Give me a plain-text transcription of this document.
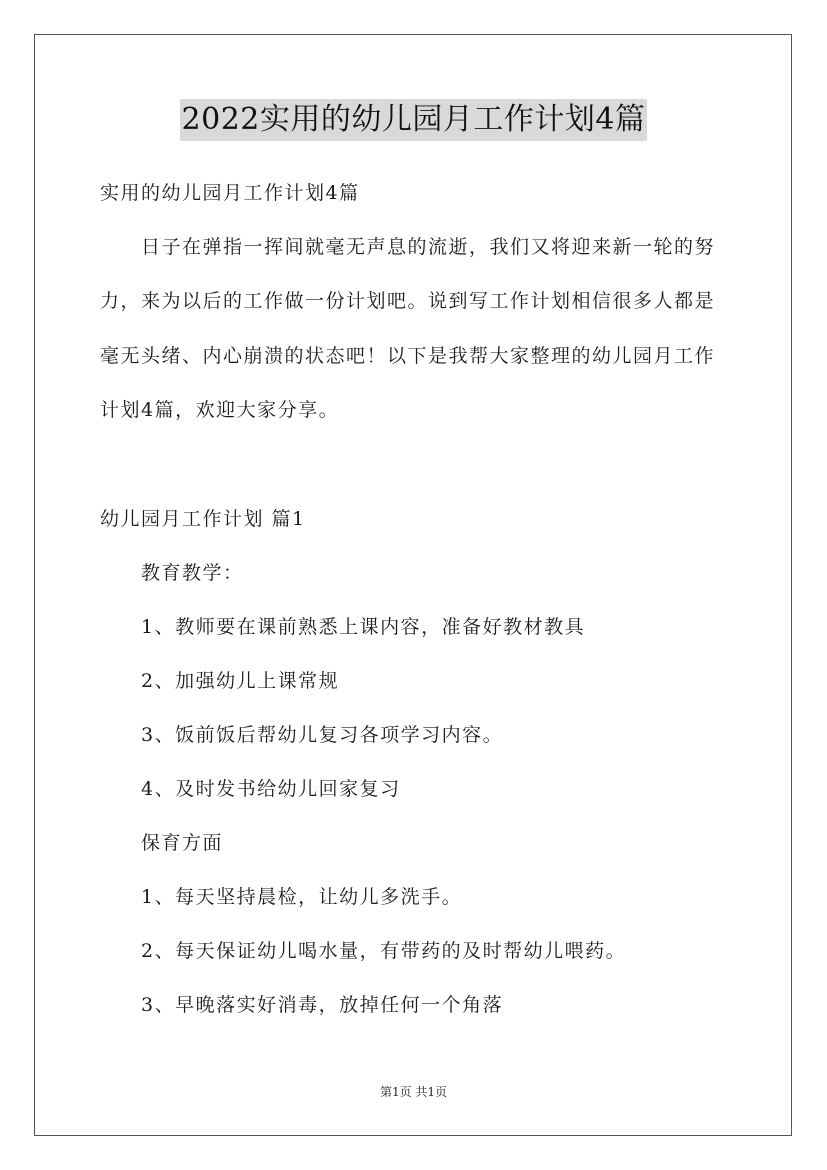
2022实用的幼儿园月工作计划4篇
实用的幼儿园月工作计划4篇
日子在弹指一挥间就毫无声息的流逝，我们又将迎来新一轮的努
力，来为以后的工作做一份计划吧。说到写工作计划相信很多人都是
毫无头绪、内心崩溃的状态吧！以下是我帮大家整理的幼儿园月工作
计划4篇，欢迎大家分享。
幼儿园月工作计划 篇1
教育教学：
1、教师要在课前熟悉上课内容，准备好教材教具
2、加强幼儿上课常规
3、饭前饭后帮幼儿复习各项学习内容。
4、及时发书给幼儿回家复习
保育方面
1、每天坚持晨检，让幼儿多洗手。
2、每天保证幼儿喝水量，有带药的及时帮幼儿喂药。
3、早晚落实好消毒，放掉任何一个角落
第1页 共1页
